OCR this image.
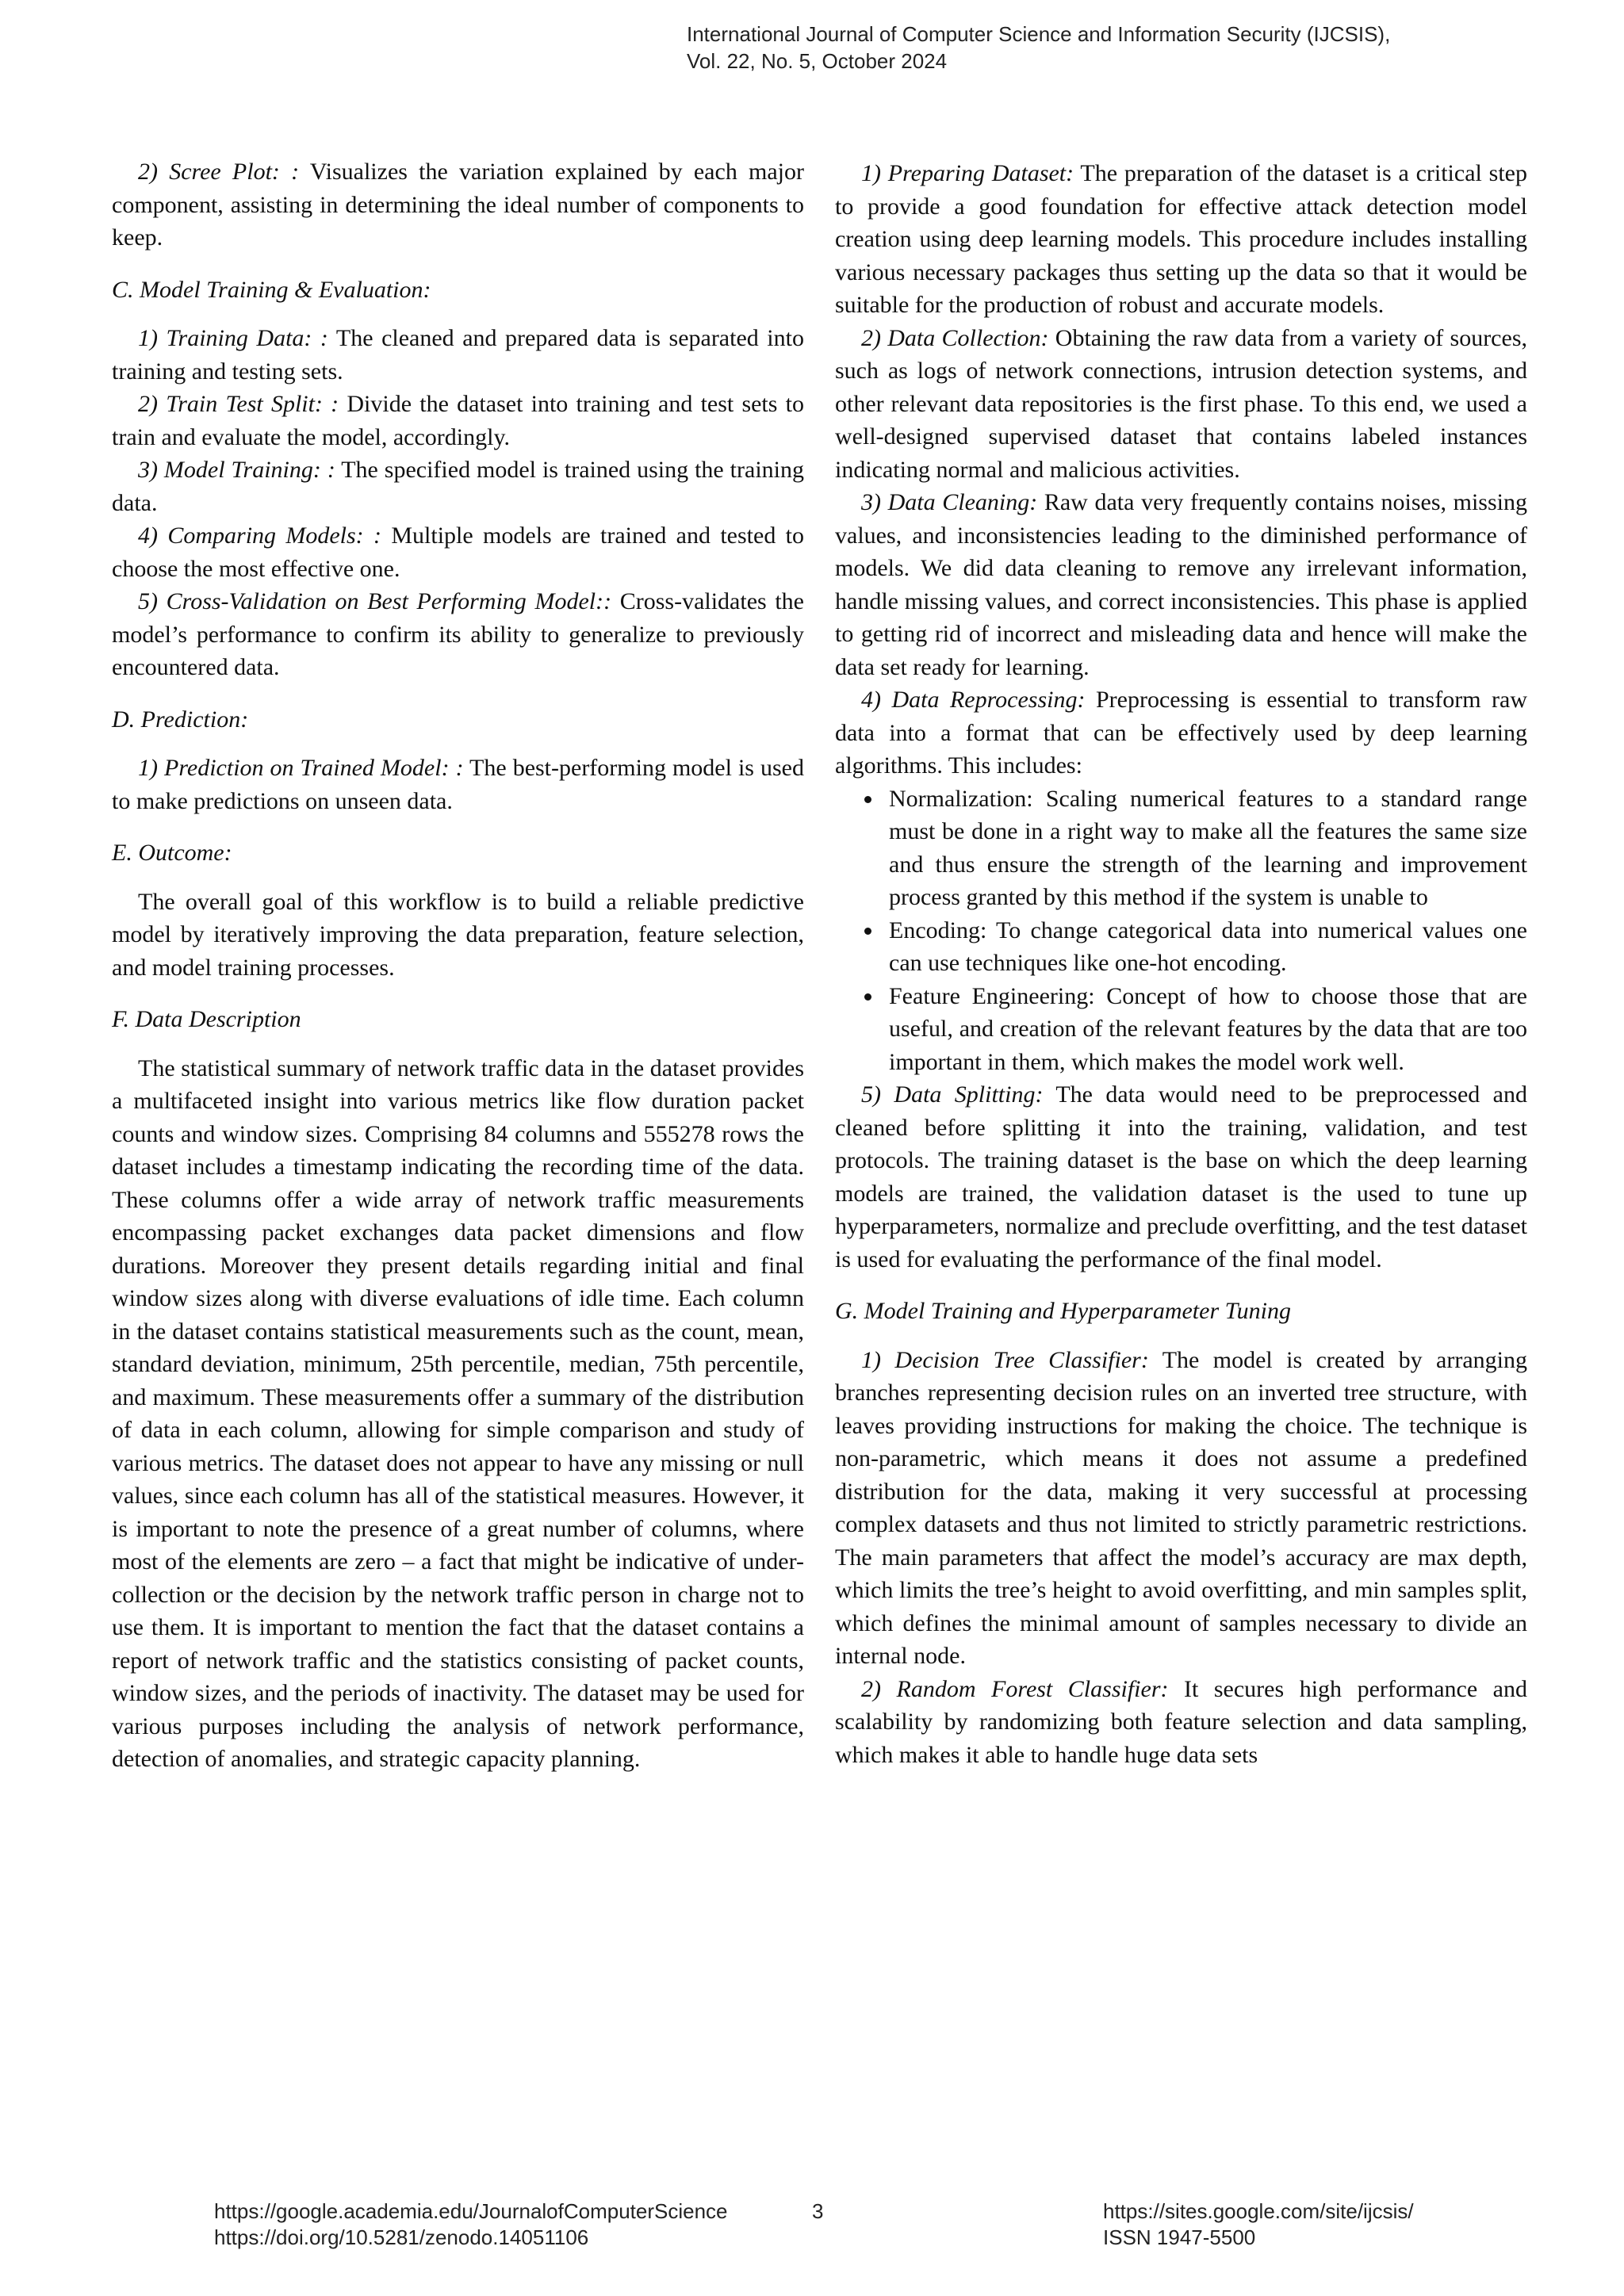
International Journal of Computer Science and Information Security (IJCSIS),
Vol. 22, No. 5, October 2024

2) Scree Plot: : Visualizes the variation explained by each major component, assisting in determining the ideal number of components to keep.

C. Model Training & Evaluation:

1) Training Data: : The cleaned and prepared data is separated into training and testing sets.

2) Train Test Split: : Divide the dataset into training and test sets to train and evaluate the model, accordingly.

3) Model Training: : The specified model is trained using the training data.

4) Comparing Models: : Multiple models are trained and tested to choose the most effective one.

5) Cross-Validation on Best Performing Model:: Cross-validates the model’s performance to confirm its ability to generalize to previously encountered data.

D. Prediction:

1) Prediction on Trained Model: : The best-performing model is used to make predictions on unseen data.

E. Outcome:

The overall goal of this workflow is to build a reliable predictive model by iteratively improving the data preparation, feature selection, and model training processes.

F. Data Description

The statistical summary of network traffic data in the dataset provides a multifaceted insight into various metrics like flow duration packet counts and window sizes. Comprising 84 columns and 555278 rows the dataset includes a timestamp indicating the recording time of the data. These columns offer a wide array of network traffic measurements encompassing packet exchanges data packet dimensions and flow durations. Moreover they present details regarding initial and final window sizes along with diverse evaluations of idle time. Each column in the dataset contains statistical measurements such as the count, mean, standard deviation, minimum, 25th percentile, median, 75th percentile, and maximum. These measurements offer a summary of the distribution of data in each column, allowing for simple comparison and study of various metrics. The dataset does not appear to have any missing or null values, since each column has all of the statistical measures. However, it is important to note the presence of a great number of columns, where most of the elements are zero – a fact that might be indicative of under-collection or the decision by the network traffic person in charge not to use them. It is important to mention the fact that the dataset contains a report of network traffic and the statistics consisting of packet counts, window sizes, and the periods of inactivity. The dataset may be used for various purposes including the analysis of network performance, detection of anomalies, and strategic capacity planning.

1) Preparing Dataset: The preparation of the dataset is a critical step to provide a good foundation for effective attack detection model creation using deep learning models. This procedure includes installing various necessary packages thus setting up the data so that it would be suitable for the production of robust and accurate models.

2) Data Collection: Obtaining the raw data from a variety of sources, such as logs of network connections, intrusion detection systems, and other relevant data repositories is the first phase. To this end, we used a well-designed supervised dataset that contains labeled instances indicating normal and malicious activities.

3) Data Cleaning: Raw data very frequently contains noises, missing values, and inconsistencies leading to the diminished performance of models. We did data cleaning to remove any irrelevant information, handle missing values, and correct inconsistencies. This phase is applied to getting rid of incorrect and misleading data and hence will make the data set ready for learning.

4) Data Reprocessing: Preprocessing is essential to transform raw data into a format that can be effectively used by deep learning algorithms. This includes:

Normalization: Scaling numerical features to a standard range must be done in a right way to make all the features the same size and thus ensure the strength of the learning and improvement process granted by this method if the system is unable to
Encoding: To change categorical data into numerical values one can use techniques like one-hot encoding.
Feature Engineering: Concept of how to choose those that are useful, and creation of the relevant features by the data that are too important in them, which makes the model work well.

5) Data Splitting: The data would need to be preprocessed and cleaned before splitting it into the training, validation, and test protocols. The training dataset is the base on which the deep learning models are trained, the validation dataset is the used to tune up hyperparameters, normalize and preclude overfitting, and the test dataset is used for evaluating the performance of the final model.

G. Model Training and Hyperparameter Tuning

1) Decision Tree Classifier: The model is created by arranging branches representing decision rules on an inverted tree structure, with leaves providing instructions for making the choice. The technique is non-parametric, which means it does not assume a predefined distribution for the data, making it very successful at processing complex datasets and thus not limited to strictly parametric restrictions. The main parameters that affect the model’s accuracy are max depth, which limits the tree’s height to avoid overfitting, and min samples split, which defines the minimal amount of samples necessary to divide an internal node.

2) Random Forest Classifier: It secures high performance and scalability by randomizing both feature selection and data sampling, which makes it able to handle huge data sets

https://google.academia.edu/JournalofComputerScience
https://doi.org/10.5281/zenodo.14051106
3	https://sites.google.com/site/ijcsis/
ISSN 1947-5500
